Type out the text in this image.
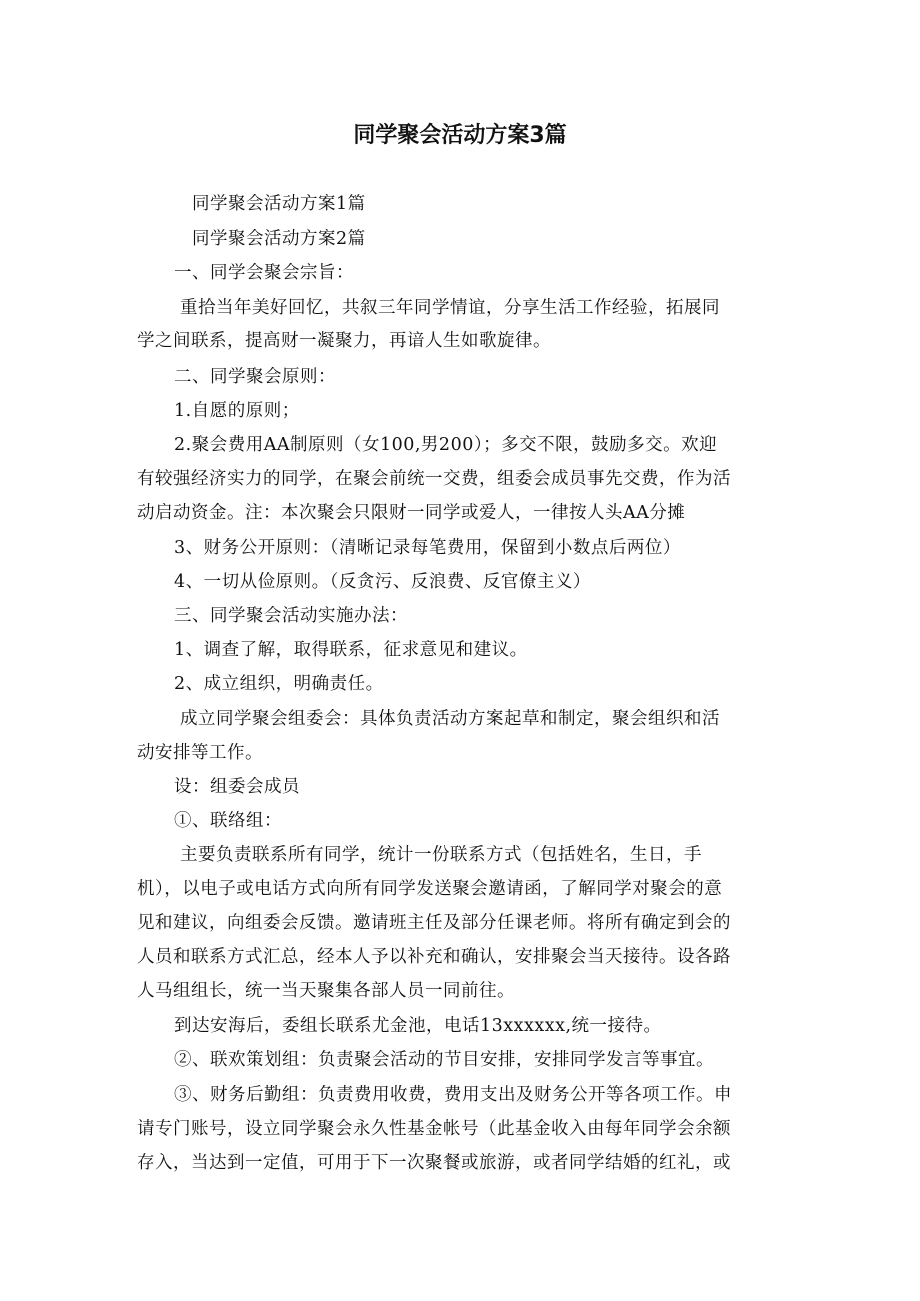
同学聚会活动方案3篇
同学聚会活动方案1篇
同学聚会活动方案2篇
一、同学会聚会宗旨：
重拾当年美好回忆，共叙三年同学情谊，分享生活工作经验，拓展同
学之间联系，提高财一凝聚力，再谙人生如歌旋律。
二、同学聚会原则：
1.自愿的原则；
2.聚会费用AA制原则（女100,男200）；多交不限，鼓励多交。欢迎
有较强经济实力的同学，在聚会前统一交费，组委会成员事先交费，作为活
动启动资金。注：本次聚会只限财一同学或爱人，一律按人头AA分摊
3、财务公开原则：（清晰记录每笔费用，保留到小数点后两位）
4、一切从俭原则。（反贪污、反浪费、反官僚主义）
三、同学聚会活动实施办法：
1、调查了解，取得联系，征求意见和建议。
2、成立组织，明确责任。
成立同学聚会组委会：具体负责活动方案起草和制定，聚会组织和活
动安排等工作。
设：组委会成员
①、联络组：
主要负责联系所有同学，统计一份联系方式（包括姓名，生日，手
机），以电子或电话方式向所有同学发送聚会邀请函，了解同学对聚会的意
见和建议，向组委会反馈。邀请班主任及部分任课老师。将所有确定到会的
人员和联系方式汇总，经本人予以补充和确认，安排聚会当天接待。设各路
人马组组长，统一当天聚集各部人员一同前往。
到达安海后，委组长联系尤金池，电话13xxxxxx,统一接待。
②、联欢策划组：负责聚会活动的节目安排，安排同学发言等事宜。
③、财务后勤组：负责费用收费，费用支出及财务公开等各项工作。申
请专门账号，设立同学聚会永久性基金帐号（此基金收入由每年同学会余额
存入，当达到一定值，可用于下一次聚餐或旅游，或者同学结婚的红礼，或
